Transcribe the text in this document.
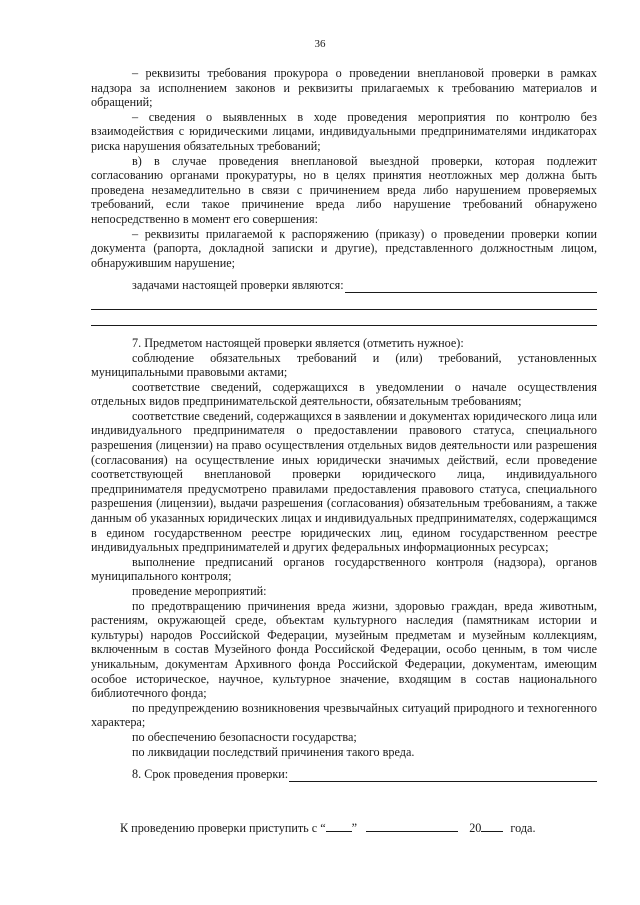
36

– реквизиты требования прокурора о проведении внеплановой проверки в рамках надзора за исполнением законов и реквизиты прилагаемых к требованию материалов и обращений;

– сведения о выявленных в ходе проведения мероприятия по контролю без взаимодействия с юридическими лицами, индивидуальными предпринимателями индикаторах риска нарушения обязательных требований;

в) в случае проведения внеплановой выездной проверки, которая подлежит согласованию органами прокуратуры, но в целях принятия неотложных мер должна быть проведена незамедлительно в связи с причинением вреда либо нарушением проверяемых требований, если такое причинение вреда либо нарушение требований обнаружено непосредственно в момент его совершения:

– реквизиты прилагаемой к распоряжению (приказу) о проведении проверки копии документа (рапорта, докладной записки и другие), представленного должностным лицом, обнаружившим нарушение;

задачами настоящей проверки являются:

7. Предметом настоящей проверки является (отметить нужное):

соблюдение обязательных требований и (или) требований, установленных муниципальными правовыми актами;

соответствие сведений, содержащихся в уведомлении о начале осуществления отдельных видов предпринимательской деятельности, обязательным требованиям;

соответствие сведений, содержащихся в заявлении и документах юридического лица или индивидуального предпринимателя о предоставлении правового статуса, специального разрешения (лицензии) на право осуществления отдельных видов деятельности или разрешения (согласования) на осуществление иных юридически значимых действий, если проведение соответствующей внеплановой проверки юридического лица, индивидуального предпринимателя предусмотрено правилами предоставления правового статуса, специального разрешения (лицензии), выдачи разрешения (согласования) обязательным требованиям, а также данным об указанных юридических лицах и индивидуальных предпринимателях, содержащимся в едином государственном реестре юридических лиц, едином государственном реестре индивидуальных предпринимателей и других федеральных информационных ресурсах;

выполнение предписаний органов государственного контроля (надзора), органов муниципального контроля;

проведение мероприятий:

по предотвращению причинения вреда жизни, здоровью граждан, вреда животным, растениям, окружающей среде, объектам культурного наследия (памятникам истории и культуры) народов Российской Федерации, музейным предметам и музейным коллекциям, включенным в состав Музейного фонда Российской Федерации, особо ценным, в том числе уникальным, документам Архивного фонда Российской Федерации, документам, имеющим особое историческое, научное, культурное значение, входящим в состав национального библиотечного фонда;

по предупреждению возникновения чрезвычайных ситуаций природного и техногенного характера;

по обеспечению безопасности государства;

по ликвидации последствий причинения такого вреда.

8. Срок проведения проверки:
К проведению проверки приступить с “ ”	20 года.
